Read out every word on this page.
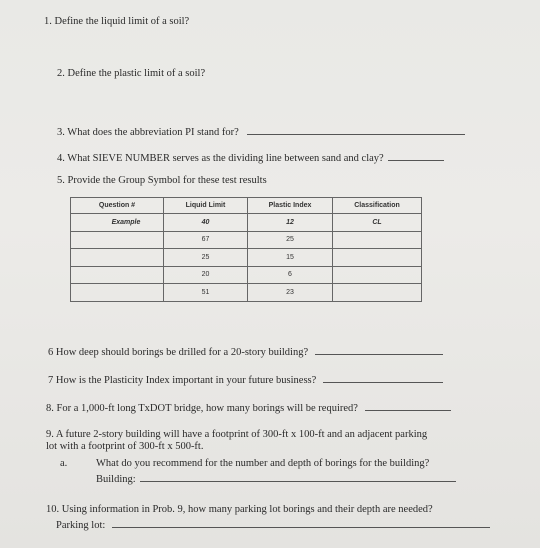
1. Define the liquid limit of a soil?
2. Define the plastic limit of a soil?
3. What does the abbreviation PI stand for?
4. What SIEVE NUMBER serves as the dividing line between sand and clay?
5. Provide the Group Symbol for these test results
Question #	Liquid Limit	Plastic Index	Classification
Example	40	12	CL
	67	25	
	25	15	
	20	6	
	51	23	
6 How deep should borings be drilled for a 20-story building?
7 How is the Plasticity Index important in your future business?
8. For a 1,000-ft long TxDOT bridge, how many borings will be required?
9. A future 2-story building will have a footprint of 300-ft x 100-ft and an adjacent parking
lot with a footprint of 300-ft x 500-ft.
a.	What do you recommend for the number and depth of borings for the building?
Building:
10. Using information in Prob. 9, how many parking lot borings and their depth are needed?
Parking lot:
